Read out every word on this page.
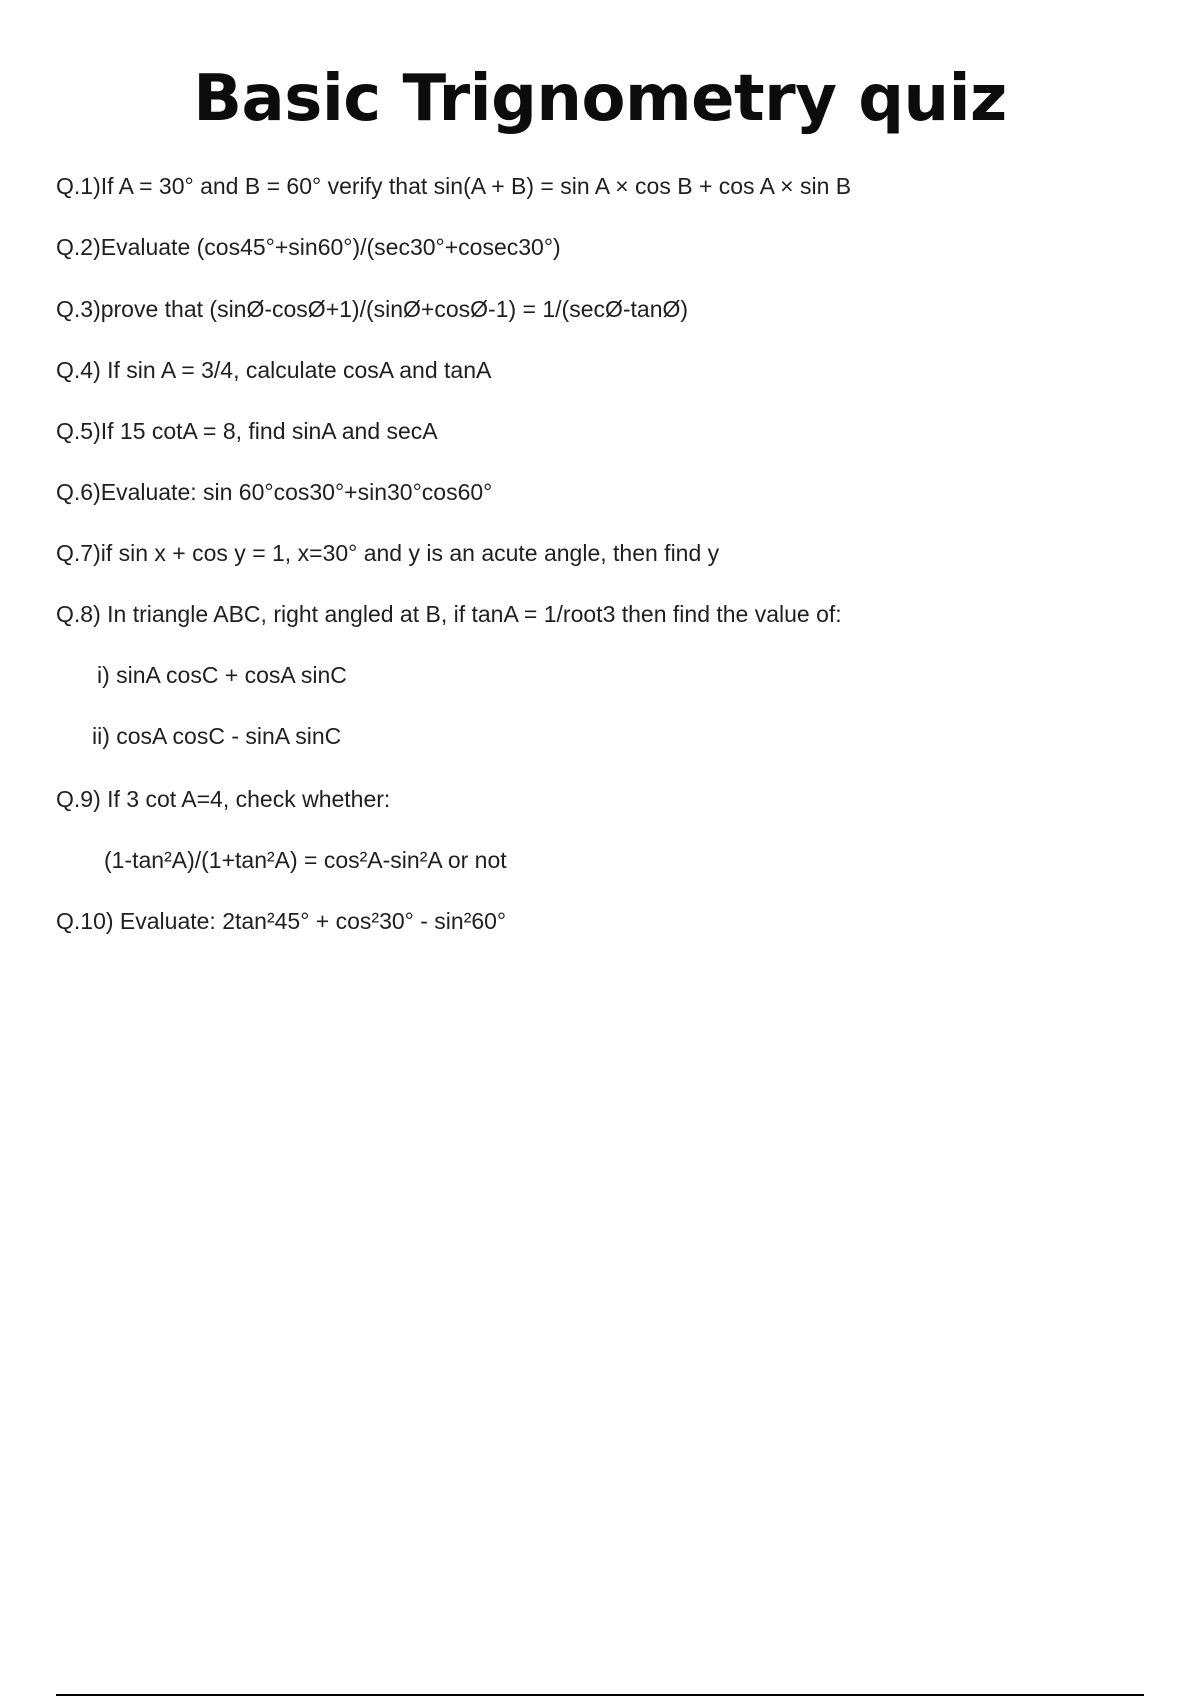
Basic Trignometry quiz
Q.1)If A = 30° and B = 60° verify that sin(A + B) = sin A × cos B + cos A × sin B
Q.2)Evaluate (cos45°+sin60°)/(sec30°+cosec30°)
Q.3)prove that (sinØ-cosØ+1)/(sinØ+cosØ-1) = 1/(secØ-tanØ)
Q.4) If sin A = 3/4, calculate cosA and tanA
Q.5)If 15 cotA = 8, find sinA and secA
Q.6)Evaluate: sin 60°cos30°+sin30°cos60°
Q.7)if sin x + cos y = 1, x=30° and y is an acute angle, then find y
Q.8) In triangle ABC, right angled at B, if tanA = 1/root3 then find the value of:
i) sinA cosC + cosA sinC
ii) cosA cosC - sinA sinC
Q.9) If 3 cot A=4, check whether:
(1-tan²A)/(1+tan²A) = cos²A-sin²A or not
Q.10) Evaluate: 2tan²45° + cos²30° - sin²60°
